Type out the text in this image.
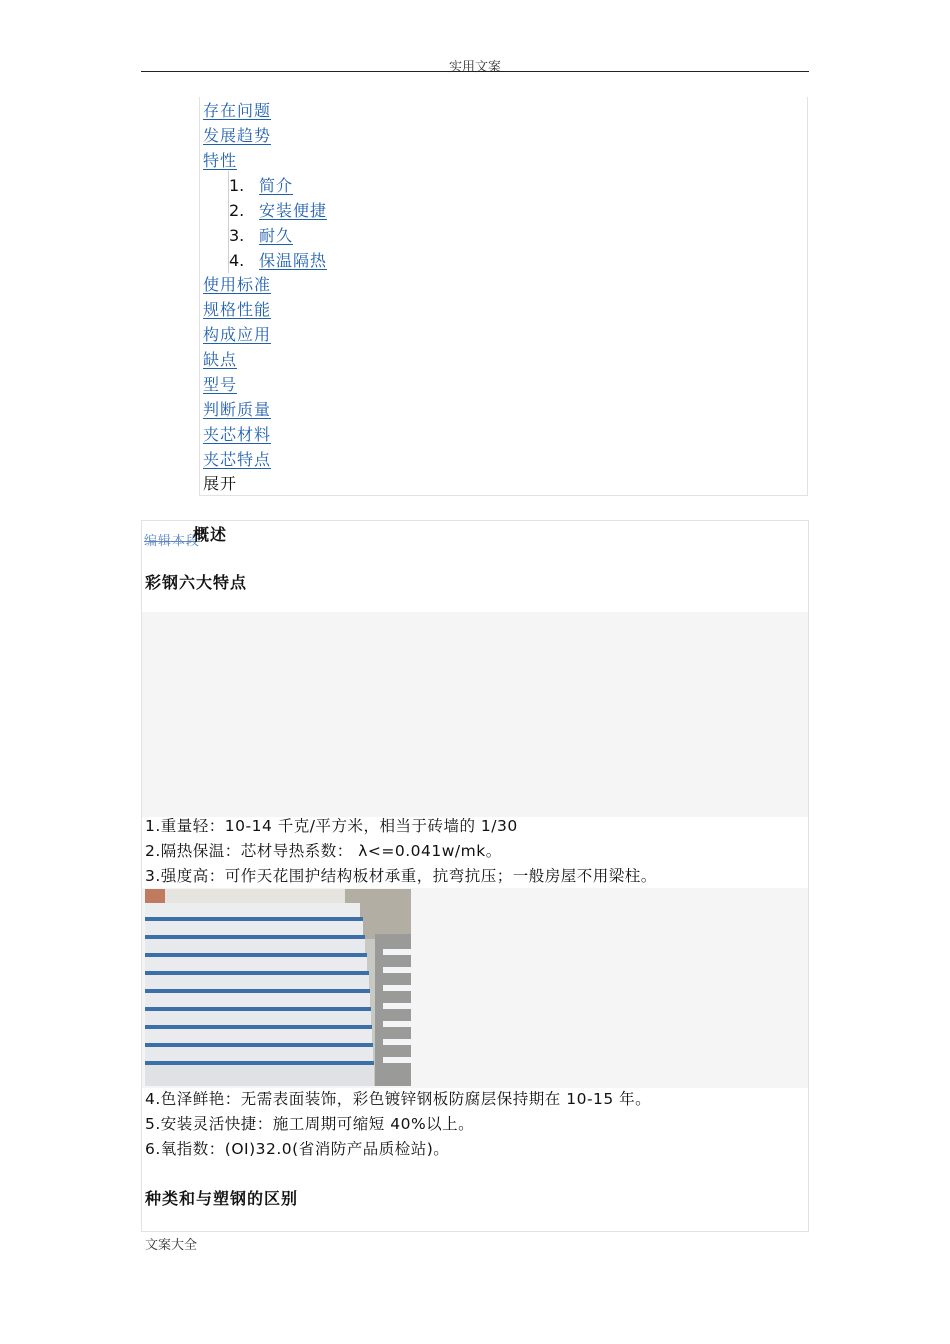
实用文案
存在问题
发展趋势
特性
1. 简介
2. 安装便捷
3. 耐久
4. 保温隔热
使用标准
规格性能
构成应用
缺点
型号
判断质量
夹芯材料
夹芯特点
展开
编辑本段
概述
彩钢六大特点
1.重量轻：10-14 千克/平方米，相当于砖墙的 1/30
2.隔热保温：芯材导热系数： λ<=0.041w/mk。
3.强度高：可作天花围护结构板材承重，抗弯抗压；一般房屋不用梁柱。
4.色泽鲜艳：无需表面装饰，彩色镀锌钢板防腐层保持期在 10-15 年。
5.安装灵活快捷：施工周期可缩短 40%以上。
6.氧指数：(OI)32.0(省消防产品质检站)。
种类和与塑钢的区别
文案大全
